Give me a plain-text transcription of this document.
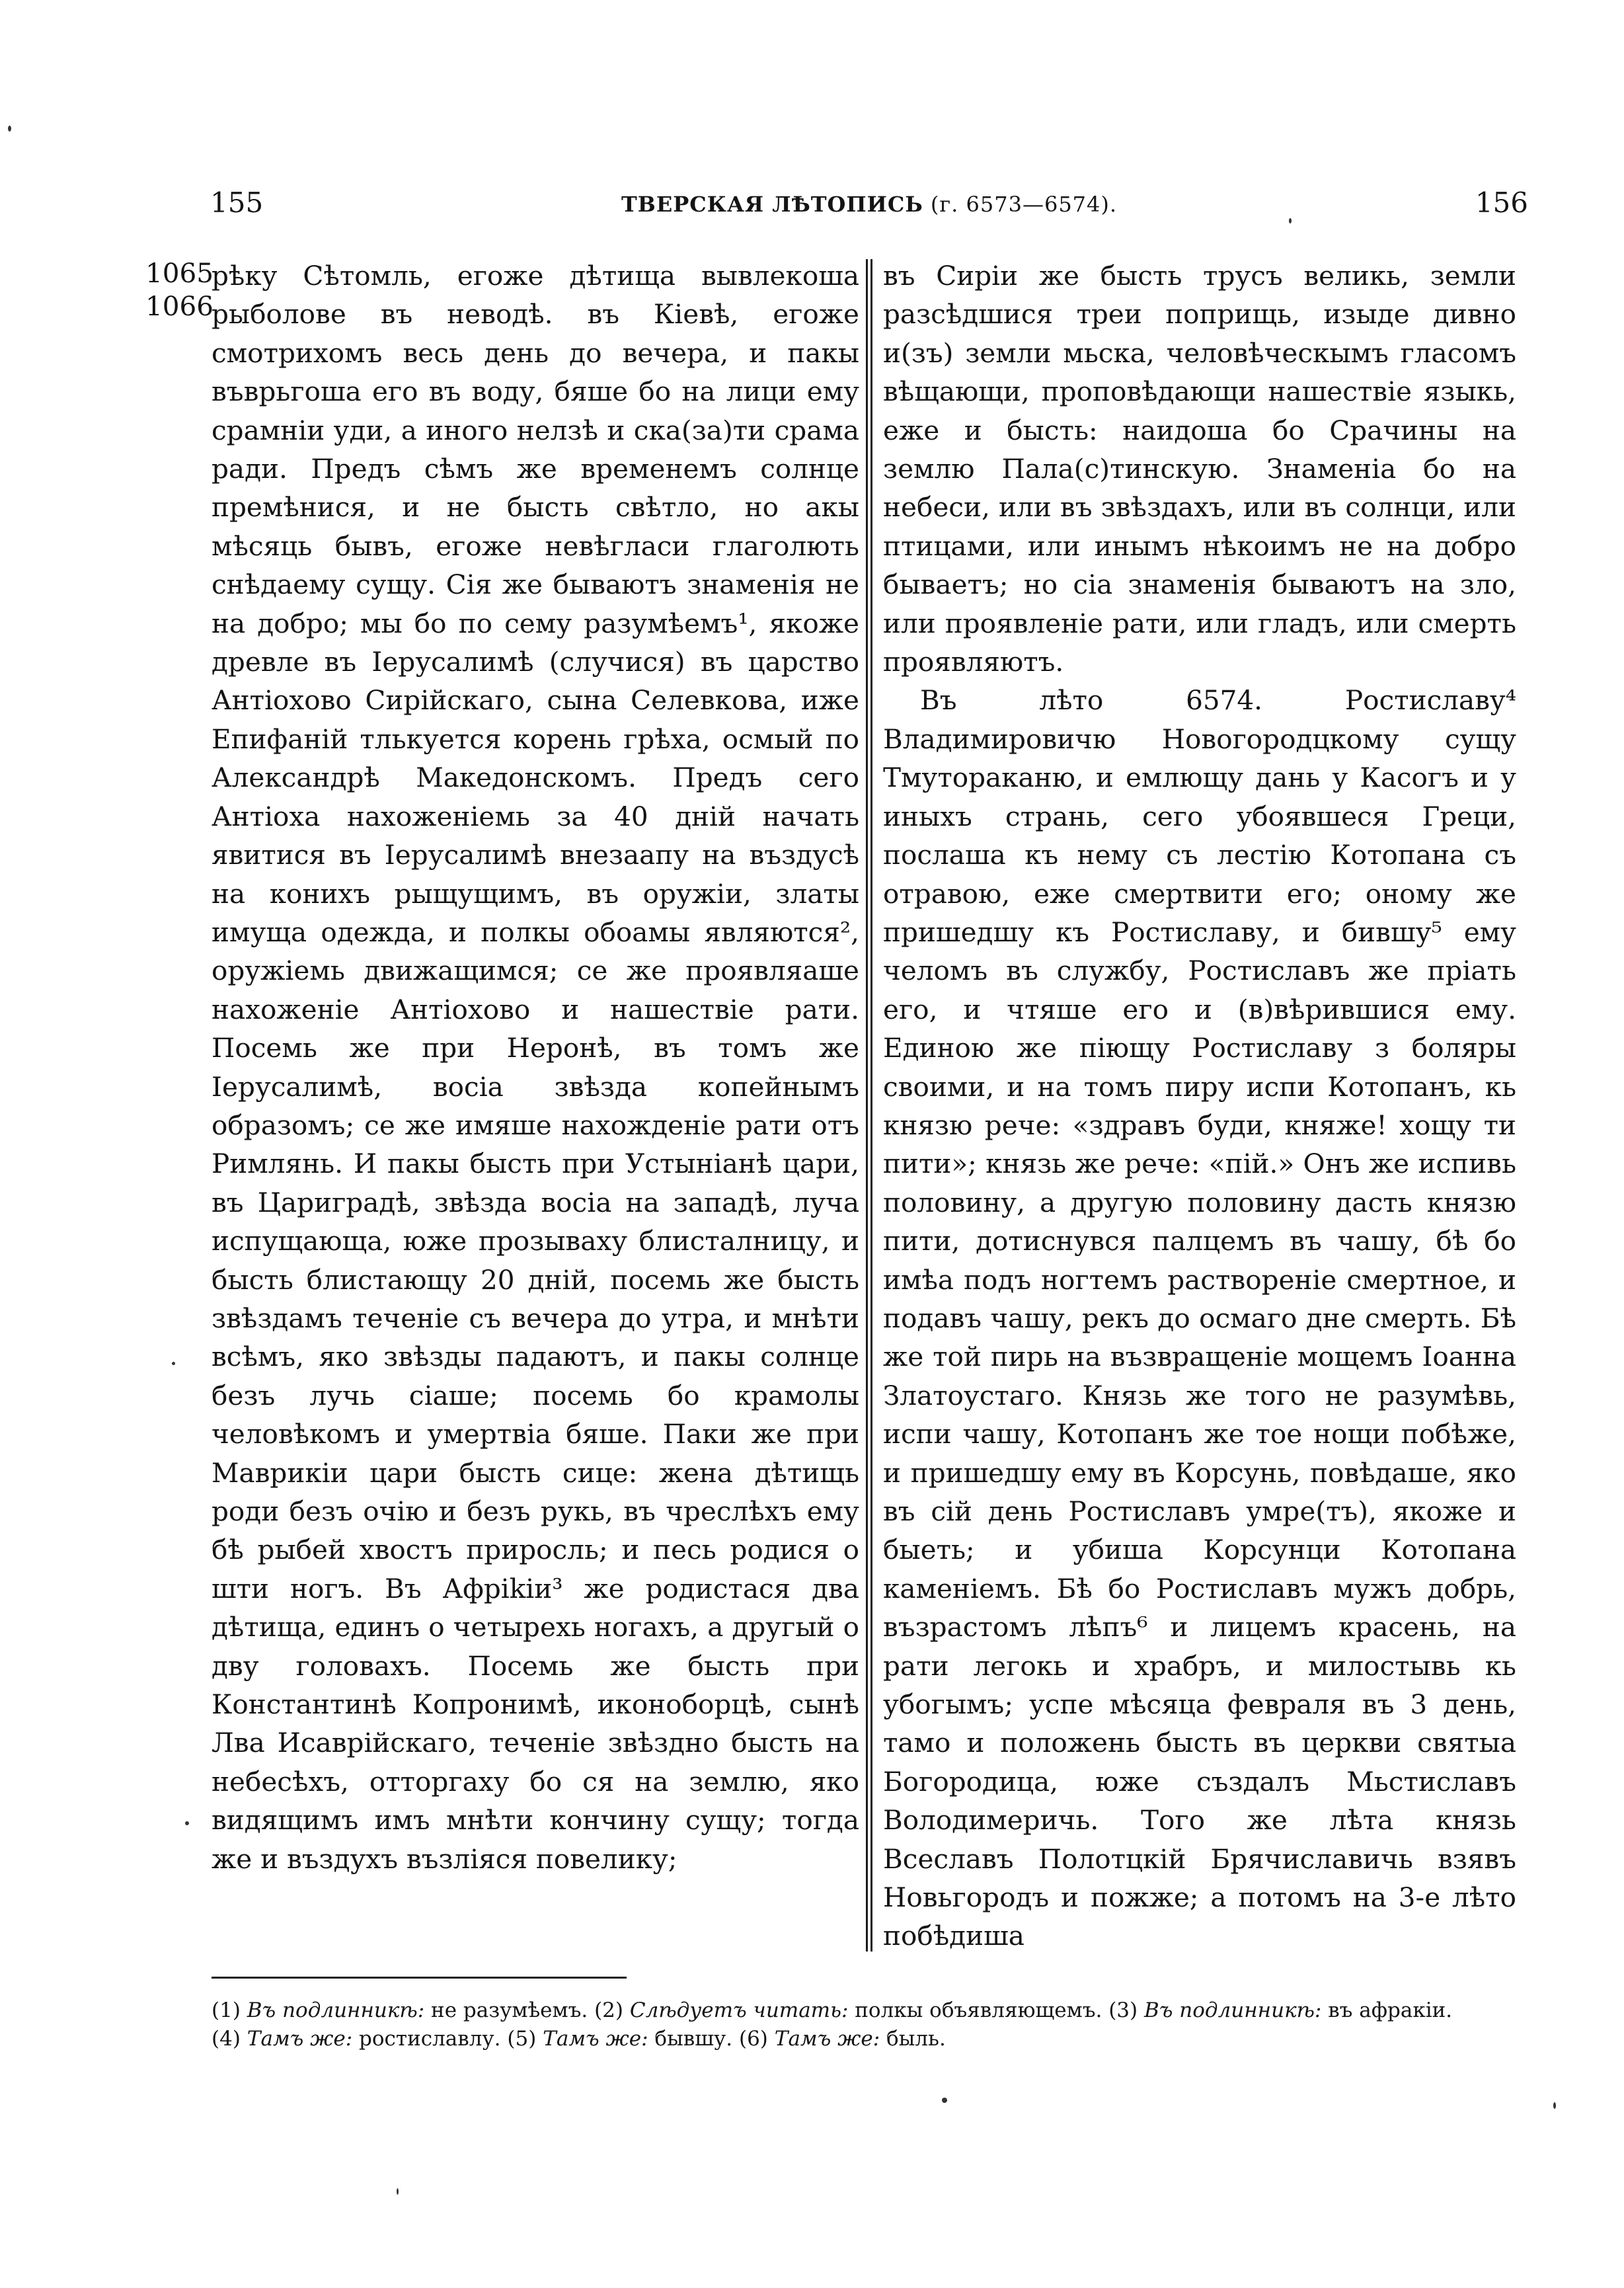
155	ТВЕРСКАЯ ЛѢТОПИСЬ (г. 6573—6574).	156
1065
1066

рѣку Сѣтомль, егоже дѣтища вывлекоша рыболове въ неводѣ. въ Кіевѣ, егоже смотрихомъ весь день до вечера, и пакы въврьгоша его въ воду, бяше бо на лици ему срамніи уди, а иного нелзѣ и ска(за)ти срама ради. Предъ сѣмъ же временемъ солнце премѣнися, и не бысть свѣтло, но акы мѣсяць бывъ, егоже невѣгласи глаголють снѣдаему сущу. Сія же бываютъ знаменія не на добро; мы бо по сему разумѣемъ¹, якоже древле въ Іерусалимѣ (случися) въ царство Антіохово Сирійскаго, сына Селевкова, иже Епифаній тлькуется корень грѣха, осмый по Александрѣ Македонскомъ. Предъ сего Антіоха нахоженіемь за 40 дній начать явитися въ Іерусалимѣ внезаапу на въздусѣ на конихъ рыщущимъ, въ оружіи, златы имуща одежда, и полкы обоамы являются², оружіемь движащимся; се же проявляаше нахоженіе Антіохово и нашествіе рати. Посемь же при Неронѣ, въ томъ же Іерусалимѣ, восіа звѣзда копейнымъ образомъ; се же имяше нахожденіе рати отъ Римлянь. И пакы бысть при Устыніанѣ цари, въ Цариградѣ, звѣзда восіа на западѣ, луча испущающа, юже прозываху блисталницу, и бысть блистающу 20 дній, посемь же бысть звѣздамъ теченіе съ вечера до утра, и мнѣти всѣмъ, яко звѣзды падаютъ, и пакы солнце безъ лучь сіаше; посемь бо крамолы человѣкомъ и умертвіа бяше. Паки же при Маврикіи цари бысть сице: жена дѣтищь роди безъ очію и безъ рукь, въ чреслѣхъ ему бѣ рыбей хвостъ приросль; и песь родися о шти ногъ. Въ Афрikіи³ же родистася два дѣтища, единъ о четырехь ногахъ, а другый о дву головахъ. Посемь же бысть при Константинѣ Копронимѣ, иконоборцѣ, сынѣ Лва Исаврійскаго, теченіе звѣздно бысть на небесѣхъ, отторгаху бо ся на землю, яко видящимъ имъ мнѣти кончину сущу; тогда же и въздухъ възліяся повелику;

въ Сиріи же бысть трусъ великь, земли разсѣдшися треи поприщь, изыде дивно и(зъ) земли мьска, человѣческымъ гласомъ вѣщающи, проповѣдающи нашествіе языкь, еже и бысть: наидоша бо Срачины на землю Пала(с)тинскую. Знаменіа бо на небеси, или въ звѣздахъ, или въ солнци, или птицами, или инымъ нѣкоимъ не на добро бываетъ; но сіа знаменія бываютъ на зло, или проявленіе рати, или гладъ, или смерть проявляютъ.

Въ лѣто 6574. Ростиславу⁴ Владимировичю Новогородцкому сущу Тмутораканю, и емлющу дань у Касогъ и у иныхъ странь, сего убоявшеся Греци, послаша къ нему съ лестію Котопана съ отравою, еже смертвити его; оному же пришедшу къ Ростиславу, и бившу⁵ ему челомъ въ службу, Ростиславъ же пріать его, и чтяше его и (в)вѣрившися ему. Единою же піющу Ростиславу з боляры своими, и на томъ пиру испи Котопанъ, кь князю рече: «здравъ буди, княже! хощу ти пити»; князь же рече: «пій.» Онъ же испивь половину, а другую половину дасть князю пити, дотиснувся палцемъ въ чашу, бѣ бо имѣа подъ ногтемъ раствореніе смертное, и подавъ чашу, рекъ до осмаго дне смерть. Бѣ же той пирь на възвращеніе мощемъ Іоанна Златоустагo. Князь же того не разумѣвь, испи чашу, Котопанъ же тое нощи побѣже, и пришедшу ему въ Корсунь, повѣдаше, яко въ сій день Ростиславъ умре(тъ), якоже и быеть; и убиша Корсунци Котопана каменіемъ. Бѣ бо Ростиславъ мужъ добрь, възрастомъ лѣпъ⁶ и лицемъ красень, на рати легокь и храбръ, и милостывь кь убогымъ; успе мѣсяца февраля въ 3 день, тамо и положень бысть въ церкви святыа Богородица, юже създалъ Мьстиславъ Володимеричь. Того же лѣта князь Всеславъ Полотцкій Брячиславичь взявъ Новьгородъ и пожже; а потомъ на 3-е лѣто побѣдиша

(1) Въ подлинникѣ: не разумѣемъ. (2) Слѣдуетъ читать: полкы объявляющемъ. (3) Въ подлинникѣ: въ афракіи.
(4) Тамъ же: ростиславлу. (5) Тамъ же: бывшу. (6) Тамъ же: быль.
